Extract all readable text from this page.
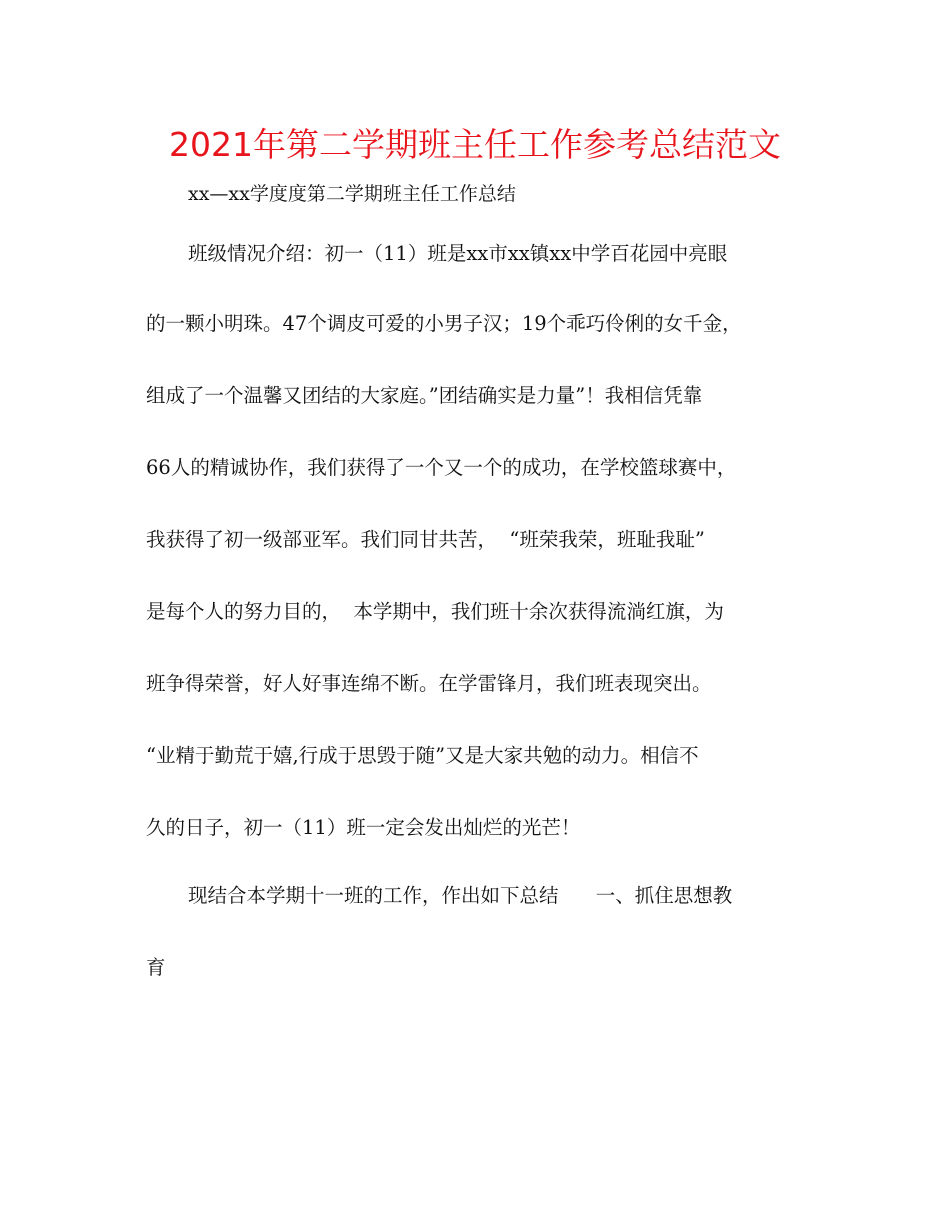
2021年第二学期班主任工作参考总结范文
xx—xx学度度第二学期班主任工作总结
班级情况介绍：初一（11）班是xx市xx镇xx中学百花园中亮眼
的一颗小明珠。47个调皮可爱的小男子汉；19个乖巧伶俐的女千金，
组成了一个温馨又团结的大家庭。”团结确实是力量”！我相信凭靠
66人的精诚协作，我们获得了一个又一个的成功，在学校篮球赛中，
我获得了初一级部亚军。我们同甘共苦，  “班荣我荣，班耻我耻”
是每个人的努力目的，  本学期中，我们班十余次获得流淌红旗，为
班争得荣誉，好人好事连绵不断。在学雷锋月，我们班表现突出。
“业精于勤荒于嬉,行成于思毁于随”又是大家共勉的动力。相信不
久的日子，初一（11）班一定会发出灿烂的光芒！
现结合本学期十一班的工作，作出如下总结      一、抓住思想教
育
